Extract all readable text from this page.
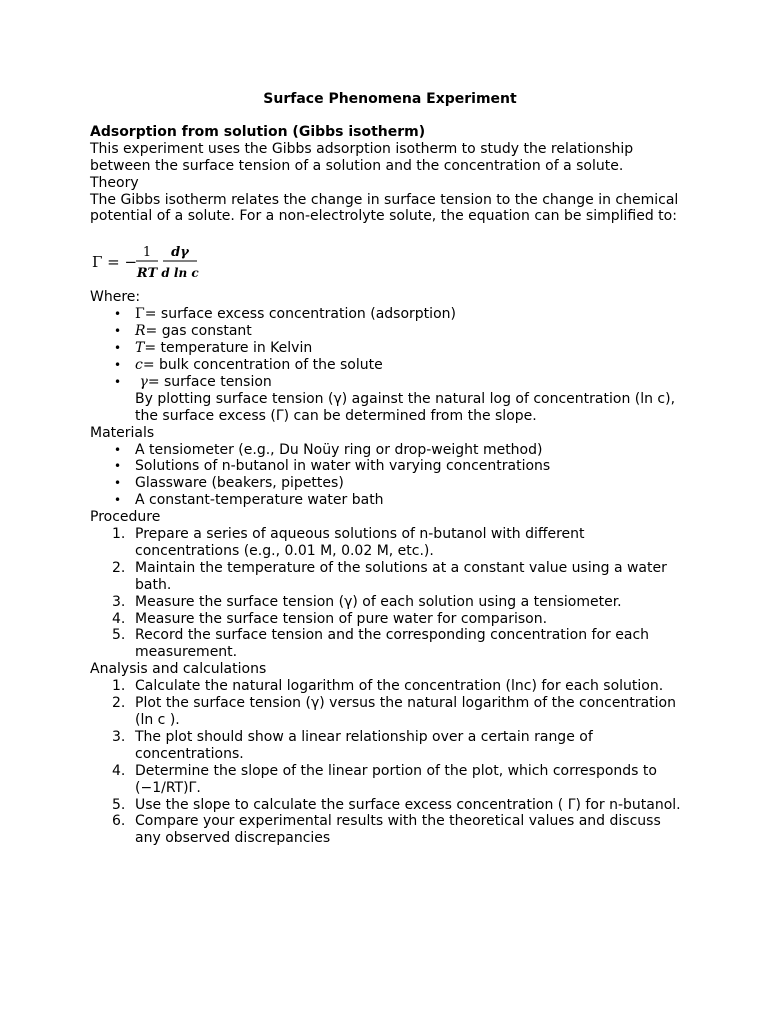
Surface Phenomena Experiment

Adsorption from solution (Gibbs isotherm)

This experiment uses the Gibbs adsorption isotherm to study the relationship between the surface tension of a solution and the concentration of a solute.

Theory

The Gibbs isotherm relates the change in surface tension to the change in chemical potential of a solute. For a non-electrolyte solute, the equation can be simplified to:

Γ = −
1
RT
dγ
d ln c

Where:

• Γ= surface excess concentration (adsorption)
• R= gas constant
• T= temperature in Kelvin
• c= bulk concentration of the solute
• γ= surface tension

By plotting surface tension (γ) against the natural log of concentration (ln c), the surface excess (Γ) can be determined from the slope.

Materials

• A tensiometer (e.g., Du Noüy ring or drop-weight method)
• Solutions of n-butanol in water with varying concentrations
• Glassware (beakers, pipettes)
• A constant-temperature water bath

Procedure

1. Prepare a series of aqueous solutions of n-butanol with different concentrations (e.g., 0.01 M, 0.02 M, etc.).
2. Maintain the temperature of the solutions at a constant value using a water bath.
3. Measure the surface tension (γ) of each solution using a tensiometer.
4. Measure the surface tension of pure water for comparison.
5. Record the surface tension and the corresponding concentration for each measurement.

Analysis and calculations

1. Calculate the natural logarithm of the concentration (lnc) for each solution.
2. Plot the surface tension (γ) versus the natural logarithm of the concentration (ln c ).
3. The plot should show a linear relationship over a certain range of concentrations.
4. Determine the slope of the linear portion of the plot, which corresponds to (−1/RT)Γ.
5. Use the slope to calculate the surface excess concentration ( Γ) for n-butanol.
6. Compare your experimental results with the theoretical values and discuss any observed discrepancies
